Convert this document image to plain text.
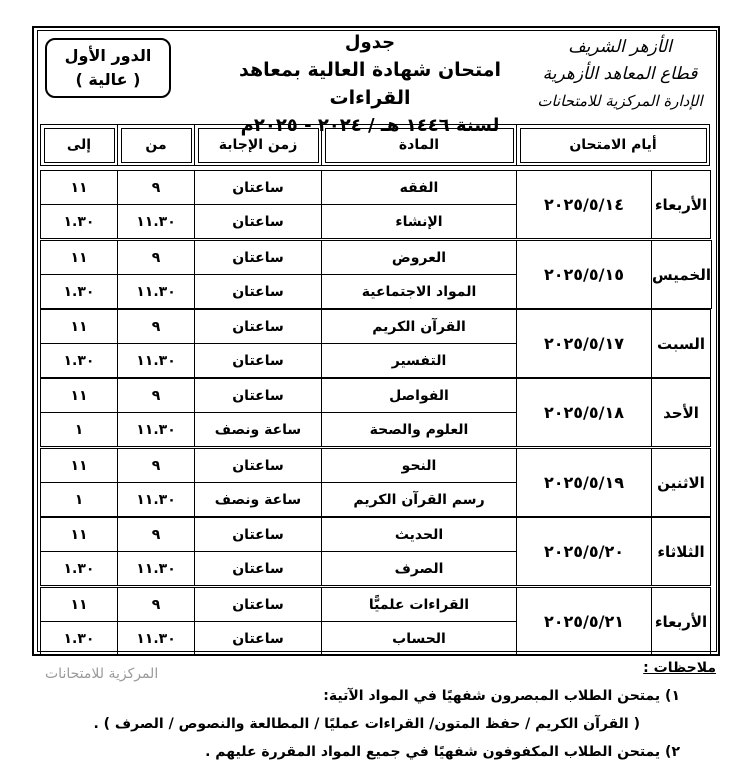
الأزهر الشريف
قطاع المعاهد الأزهرية
الإدارة المركزية للامتحانات
جدول
امتحان شهادة العالية بمعاهد القراءات
لسنة ١٤٤٦ هـ / ٢٠٢٤ - ٢٠٢٥م
الدور الأول
( عالية )
إلى	من	زمن الإجابة	المادة	أيام الامتحان
١١	٩	ساعتان	الفقه	٢٠٢٥/٥/١٤	الأربعاء
١.٣٠	١١.٣٠	ساعتان	الإنشاء		
١١	٩	ساعتان	العروض	٢٠٢٥/٥/١٥	الخميس
١.٣٠	١١.٣٠	ساعتان	المواد الاجتماعية		
١١	٩	ساعتان	القرآن الكريم	٢٠٢٥/٥/١٧	السبت
١.٣٠	١١.٣٠	ساعتان	التفسير		
١١	٩	ساعتان	الفواصل	٢٠٢٥/٥/١٨	الأحد
١	١١.٣٠	ساعة ونصف	العلوم والصحة		
١١	٩	ساعتان	النحو	٢٠٢٥/٥/١٩	الاثنين
١	١١.٣٠	ساعة ونصف	رسم القرآن الكريم		
١١	٩	ساعتان	الحديث	٢٠٢٥/٥/٢٠	الثلاثاء
١.٣٠	١١.٣٠	ساعتان	الصرف		
١١	٩	ساعتان	القراءات علميًّا	٢٠٢٥/٥/٢١	الأربعاء
١.٣٠	١١.٣٠	ساعتان	الحساب		
ملاحظات :
١) يمتحن الطلاب المبصرون شفهيًا في المواد الآتية:
( القرآن الكريم / حفظ المتون/ القراءات عمليًا / المطالعة والنصوص / الصرف ) .
٢) يمتحن الطلاب المكفوفون شفهيًا في جميع المواد المقررة عليهم .
المركزية للامتحانات
